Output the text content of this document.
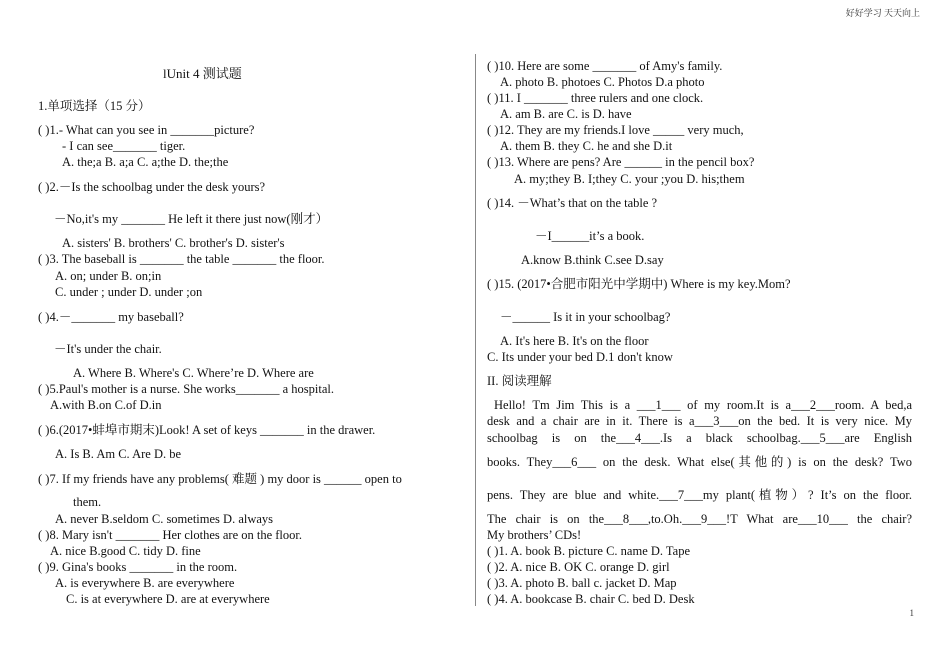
好好学习 天天向上
lUnit 4 测试题
1.单项选择（15 分）
( )1.- What can you see in _______picture?
- I can see_______ tiger.
A. the;a B. a;a C. a;the D. the;the
( )2.－Is the schoolbag under the desk yours?
－No,it's my _______ He left it there just now(刚才）
A. sisters' B. brothers' C. brother's D. sister's
( )3. The baseball is _______ the table _______ the floor.
A. on; under B. on;in
C. under ; under D. under ;on
( )4.－_______ my baseball?
－It's under the chair.
A. Where B. Where's C. Where’re D. Where are
( )5.Paul's mother is a nurse. She works_______ a hospital.
A.with B.on C.of D.in
( )6.(2017•蚌埠市期末)Look! A set of keys _______ in the drawer.
A. Is B. Am C. Are D. be
( )7. If my friends have any problems( 难题 ) my door is ______ open to
them.
A. never B.seldom C. sometimes D. always
( )8. Mary isn't _______ Her clothes are on the floor.
A. nice B.good C. tidy D. fine
( )9. Gina's books _______ in the room.
A. is everywhere B. are everywhere
C. is at everywhere D. are at everywhere
( )10. Here are some _______ of Amy's family.
A. photo B. photoes C. Photos D.a photo
( )11. I _______ three rulers and one clock.
A. am B. are C. is D. have
( )12. They are my friends.I love _____ very much,
A. them B. they C. he and she D.it
( )13. Where are pens? Are ______ in the pencil box?
A. my;they B. I;they C. your ;you D. his;them
( )14. －What’s that on the table ?
－I______it’s a book.
A.know B.think C.see D.say
( )15. (2017•合肥市阳光中学期中) Where is my key.Mom?
－______ Is it in your schoolbag?
A. It's here B. It's on the floor
C. Its under your bed D.1 don't know
II. 阅读理解
Hello! Tm Jim This is a ___1___ of my room.It is a___2___room. A bed,a
desk and a chair are in it. There is a___3___on the bed. It is very nice. My
schoolbag is on the___4___.Is a black schoolbag.___5___are English
books. They___6___ on the desk. What else(其他的) is on the desk? Two
pens. They are blue and white.___7___my plant(植物）? It’s on the floor.
The chair is on the___8___,to.Oh.___9___!T What are___10___ the chair?
My brothers’ CDs!
( )1. A. book B. picture C. name D. Tape
( )2. A. nice B. OK C. orange D. girl
( )3. A. photo B. ball c. jacket D. Map
( )4. A. bookcase B. chair C. bed D. Desk
1
